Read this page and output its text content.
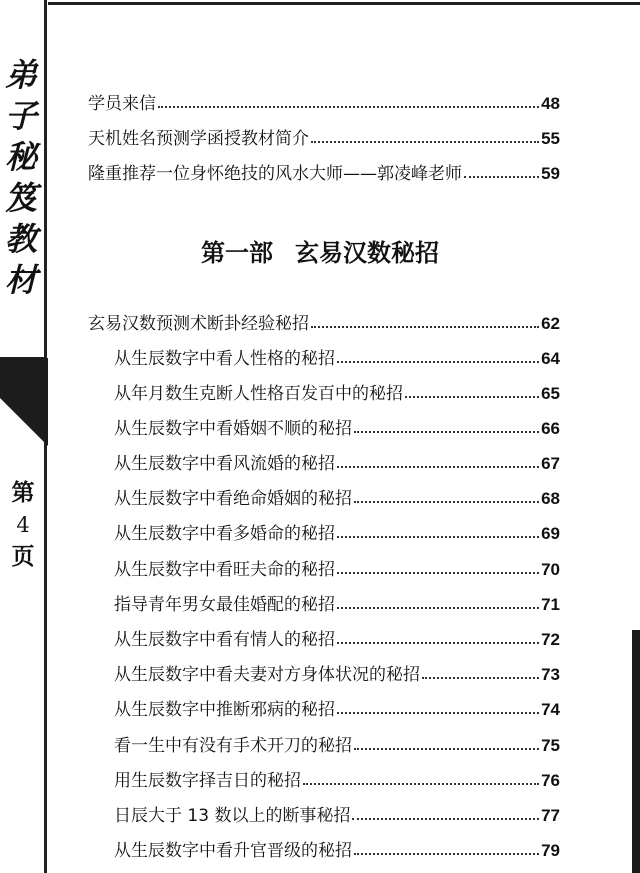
弟
子
秘
笈
教
材
第
4
页
学员来信	48
天机姓名预测学函授教材简介	55
隆重推荐一位身怀绝技的风水大师——郭凌峰老师	59
第一部 玄易汉数秘招
玄易汉数预测术断卦经验秘招	62
从生辰数字中看人性格的秘招	64
从年月数生克断人性格百发百中的秘招	65
从生辰数字中看婚姻不顺的秘招	66
从生辰数字中看风流婚的秘招	67
从生辰数字中看绝命婚姻的秘招	68
从生辰数字中看多婚命的秘招	69
从生辰数字中看旺夫命的秘招	70
指导青年男女最佳婚配的秘招	71
从生辰数字中看有情人的秘招	72
从生辰数字中看夫妻对方身体状况的秘招	73
从生辰数字中推断邪病的秘招	74
看一生中有没有手术开刀的秘招	75
用生辰数字择吉日的秘招	76
日辰大于 13 数以上的断事秘招	77
从生辰数字中看升官晋级的秘招	79
